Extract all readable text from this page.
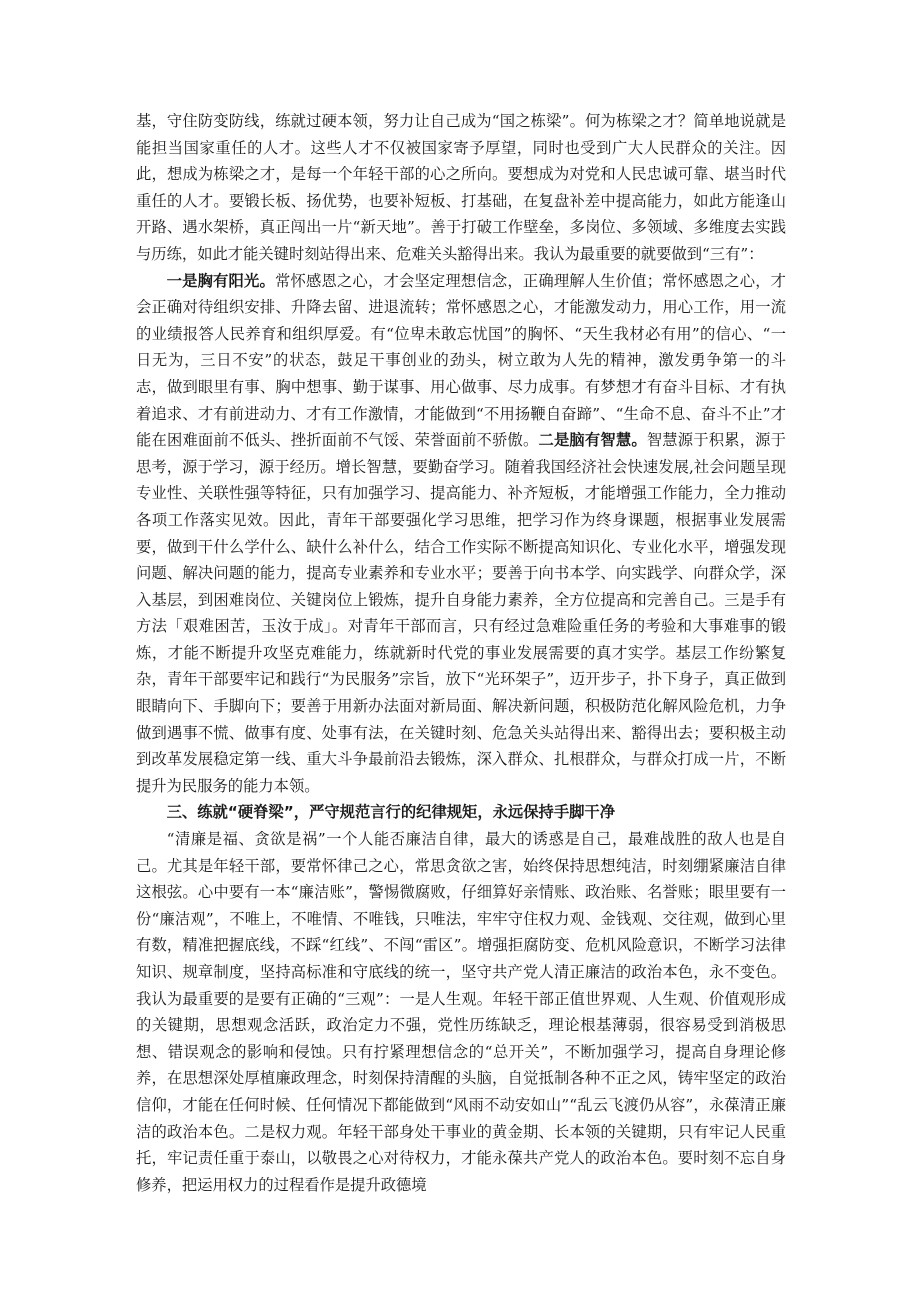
基，守住防变防线，练就过硬本领，努力让自己成为“国之栋梁”。何为栋梁之才？简单地说就是能担当国家重任的人才。这些人才不仅被国家寄予厚望，同时也受到广大人民群众的关注。因此，想成为栋梁之才，是每一个年轻干部的心之所向。要想成为对党和人民忠诚可靠、堪当时代重任的人才。要锻长板、扬优势，也要补短板、打基础，在复盘补差中提高能力，如此方能逢山开路、遇水架桥，真正闯出一片“新天地”。善于打破工作壁垒，多岗位、多领域、多维度去实践与历练，如此才能关键时刻站得出来、危难关头豁得出来。我认为最重要的就要做到“三有”：

一是胸有阳光。常怀感恩之心，才会坚定理想信念，正确理解人生价值；常怀感恩之心，才会正确对待组织安排、升降去留、进退流转；常怀感恩之心，才能激发动力，用心工作，用一流的业绩报答人民养育和组织厚爱。有“位卑未敢忘忧国”的胸怀、“天生我材必有用”的信心、“一日无为，三日不安”的状态，鼓足干事创业的劲头，树立敢为人先的精神，激发勇争第一的斗志，做到眼里有事、胸中想事、勤于谋事、用心做事、尽力成事。有梦想才有奋斗目标、才有执着追求、才有前进动力、才有工作激情，才能做到“不用扬鞭自奋蹄”、“生命不息、奋斗不止”才能在困难面前不低头、挫折面前不气馁、荣誉面前不骄傲。二是脑有智慧。智慧源于积累，源于思考，源于学习，源于经历。增长智慧，要勤奋学习。随着我国经济社会快速发展,社会问题呈现专业性、关联性强等特征，只有加强学习、提高能力、补齐短板，才能增强工作能力，全力推动各项工作落实见效。因此，青年干部要强化学习思维，把学习作为终身课题，根据事业发展需要，做到干什么学什么、缺什么补什么，结合工作实际不断提高知识化、专业化水平，增强发现问题、解决问题的能力，提高专业素养和专业水平；要善于向书本学、向实践学、向群众学，深入基层，到困难岗位、关键岗位上锻炼，提升自身能力素养，全方位提高和完善自己。三是手有方法「艰难困苦，玉汝于成」。对青年干部而言，只有经过急难险重任务的考验和大事难事的锻炼，才能不断提升攻坚克难能力，练就新时代党的事业发展需要的真才实学。基层工作纷繁复杂，青年干部要牢记和践行“为民服务”宗旨，放下“光环架子”，迈开步子，扑下身子，真正做到眼睛向下、手脚向下；要善于用新办法面对新局面、解决新问题，积极防范化解风险危机，力争做到遇事不慌、做事有度、处事有法，在关键时刻、危急关头站得出来、豁得出去；要积极主动到改革发展稳定第一线、重大斗争最前沿去锻炼，深入群众、扎根群众，与群众打成一片，不断提升为民服务的能力本领。

三、练就“硬脊梁”，严守规范言行的纪律规矩，永远保持手脚干净

“清廉是福、贪欲是祸”一个人能否廉洁自律，最大的诱惑是自己，最难战胜的敌人也是自己。尤其是年轻干部，要常怀律己之心，常思贪欲之害，始终保持思想纯洁，时刻绷紧廉洁自律这根弦。心中要有一本“廉洁账”，警惕微腐败，仔细算好亲情账、政治账、名誉账；眼里要有一份“廉洁观”，不唯上，不唯情、不唯钱，只唯法，牢牢守住权力观、金钱观、交往观，做到心里有数，精准把握底线，不踩“红线”、不闯“雷区”。增强拒腐防变、危机风险意识，不断学习法律知识、规章制度，坚持高标准和守底线的统一，坚守共产党人清正廉洁的政治本色，永不变色。我认为最重要的是要有正确的“三观”：一是人生观。年轻干部正值世界观、人生观、价值观形成的关键期，思想观念活跃，政治定力不强，党性历练缺乏，理论根基薄弱，很容易受到消极思想、错误观念的影响和侵蚀。只有拧紧理想信念的“总开关”，不断加强学习，提高自身理论修养，在思想深处厚植廉政理念，时刻保持清醒的头脑，自觉抵制各种不正之风，铸牢坚定的政治信仰，才能在任何时候、任何情况下都能做到“风雨不动安如山”“乱云飞渡仍从容”，永葆清正廉洁的政治本色。二是权力观。年轻干部身处干事业的黄金期、长本领的关键期，只有牢记人民重托，牢记责任重于泰山，以敬畏之心对待权力，才能永葆共产党人的政治本色。要时刻不忘自身修养，把运用权力的过程看作是提升政德境
